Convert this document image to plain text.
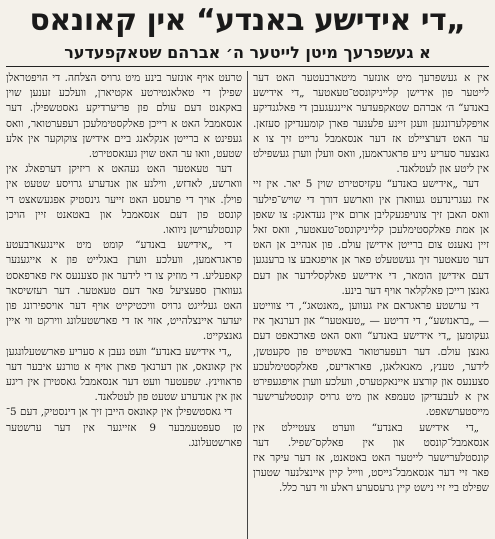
„די אידישע באנדע“ אין קאונאס
א געשפרעך מיטן לייטער ה׳ אברהם שטאקפעדער

אין א געשפרעך מיט אונזער מיטארבעטער האט דער לייטער פון אידישן קלייניקונסט־טעאטער „די אידישע באנדע“ ה׳ אברהם שטאקפעדער איינגעגעבן די פאלגנדיקע אויפקלערונגען וועגן זיינע פלענער פארן קומענדיקן סעזאן. ער האט דערציילט אז דער אנסאמבל גרייט זיך צו א גאנצער סעריע נייע פראגראמען, וואס וועלן ווערן געשפילט אין ליטע און לעטלאנד.

דער „אידישע באנדע“ עקזיסטירט שוין 5 יאר. אין זיי איז געגרינדעט געווארן אין ווארשע דורך די שויש־פילער וואס האבן זיך צונויפגעקליבן ארום איין געדאנק: צו שאפן אן אמת פאלקסטימלעכן קלייניקונסט־טעאטער, וואס זאל זיין נאענט צום ברייטן אידישן עולם. פון אנהייב אן האט דער טעאטער זיך געשטעלט פאר אן אויפגאבע צו ברענגען דעם אידישן הומאר, די אידישע פאלקסלידער און דעם גאנצן רייכן פאלקלאר אויף דער בינע.

די ערשטע פראגראם איז געווען „מאנטאג“, די צווייטע — „בראנזשע“, די דריטע — „טעאטער“ און דערנאך איז געקומען „די אידישע באנדע“ וואס האט פארכאפט דעם גאנצן עולם. דער רעפערטואר באשטייט פון סקעטשן, לידער, טענץ, מאנאלאגן, פאראדיעס, פאלקסטימלעכע סצענעס און קורצע איינאקטערס, וועלכע ווערן אויפגעפירט אין א לעבעדיקן טעמפא און מיט גרויס קונסטלערישער מייסטערשאפט.

„די אידישע באנדע“ ווערט צעטיילט אין אנסאמבל־קונסט און אין פאלקס־שפיל. דער קונסטלערישער לייטער האט באטאנט, אז דער עיקר איז פאר זיי דער אנסאמבל־גייסט, ווייל קיין איינצלנער שטערן שפילט ביי זיי נישט קיין גרעסערע ראלע ווי דער כלל.

טרעט אויף אונזער בינע מיט גרויס הצלחה. די הויפטראלן שפילן די טאלאנטירטע אקטיארן, וועלכע זענען שוין באקאנט דעם עולם פון פריערדיקע גאסטשפילן. דער אנסאמבל האט א רייכן פאלקסטימלעכן רעפערטואר, וואס געפינט א ברייטן אנקלאנג ביים אידישן צוקוקער אין אלע שטעט, וואו ער האט שוין געגאסטירט.

דער טעאטער האט געהאט א ריזיקן דערפאלג אין ווארשע, לאדזש, ווילנע און אנדערע גרויסע שטעט אין פוילן. אויך די פרעסע האט זייער גינסטיק אפגעשאצט די קונסט פון דעם אנסאמבל און באטאנט זיין הויכן קונסטלערישן ניוואו.

די „אידישע באנדע“ קומט מיט איינגעארבעטע פראגראמען, וועלכע ווערן באגלייט פון א אייגענער קאפעליע. די מוזיק צו די לידער און סצענעס איז פארפאסט געווארן ספעציעל פאר דעם טעאטער. דער רעזשיסאר האט געלייגט גרויס וויכטיקייט אויף דער אויספירונג פון יעדער איינצלהייט, אזוי אז די פארשטעלונג ווירקט ווי איין גאנצקייט.

„די אידישע באנדע“ וועט געבן א סעריע פארשטעלונגען אין קאונאס, און דערנאך פארן אויף א טורנע איבער דער פראווינץ. שפעטער וועט דער אנסאמבל גאסטירן אין ריגע און אין אנדערע שטעט פון לעטלאנד.

די גאסטשפילן אין קאונאס הייבן זיך אן דינסטיק, דעם 5־טן סעפטעמבער 9 אזייגער אין דער ערשטער פארשטעלונג.
